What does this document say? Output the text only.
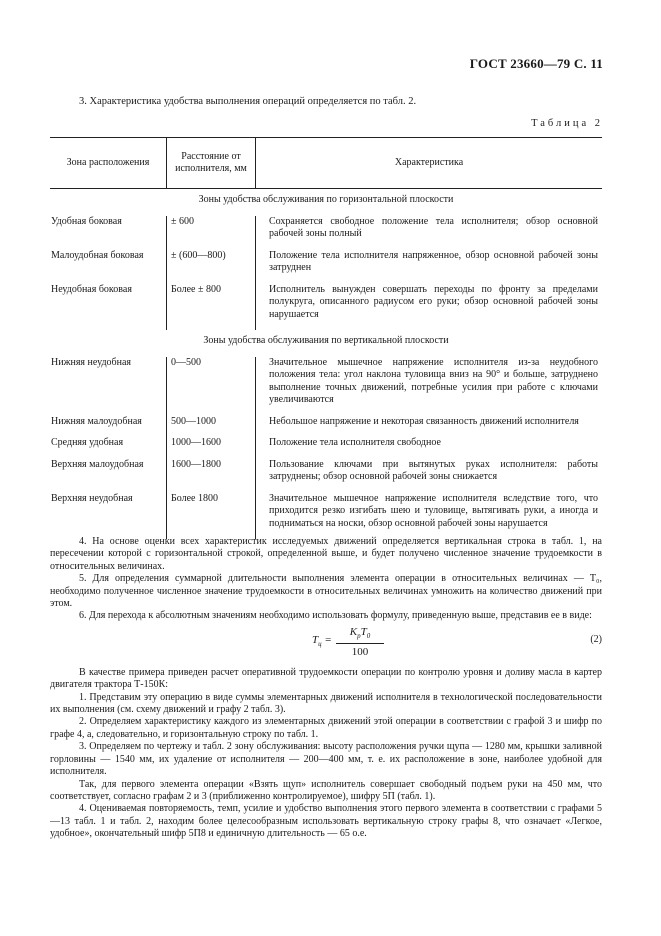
ГОСТ 23660—79 С. 11
3. Характеристика удобства выполнения операций определяется по табл. 2.
Таблица 2
Зона расположения	Расстояние от исполнителя, мм	Характеристика
Зоны удобства обслуживания по горизонтальной плоскости		
Удобная боковая	± 600	Сохраняется свободное положение тела исполнителя; обзор основной рабочей зоны полный
Малоудобная боковая	± (600—800)	Положение тела исполнителя напряженное, обзор основной рабочей зоны затруднен
Неудобная боковая	Более ± 800	Исполнитель вынужден совершать переходы по фронту за пределами полукруга, описанного радиусом его руки; обзор основной рабочей зоны нарушается
Зоны удобства обслуживания по вертикальной плоскости		
Нижняя неудобная	0—500	Значительное мышечное напряжение исполнителя из-за неудобного положения тела: угол наклона туловища вниз на 90° и больше, затруднено выполнение точных движений, потребные усилия при работе с ключами увеличиваются
Нижняя малоудобная	500—1000	Небольшое напряжение и некоторая связанность движений исполнителя
Средняя удобная	1000—1600	Положение тела исполнителя свободное
Верхняя малоудобная	1600—1800	Пользование ключами при вытянутых руках исполнителя: работы затруднены; обзор основной рабочей зоны снижается
Верхняя неудобная	Более 1800	Значительное мышечное напряжение исполнителя вследствие того, что приходится резко изгибать шею и туловище, вытягивать руки, а иногда и подниматься на носки, обзор основной рабочей зоны нарушается

4. На основе оценки всех характеристик исследуемых движений определяется вертикальная строка в табл. 1, на пересечении которой с горизонтальной строкой, определенной выше, и будет получено численное значение трудоемкости в относительных величинах.

5. Для определения суммарной длительности выполнения элемента операции в относительных величинах — Т₀, необходимо полученное численное значение трудоемкости в относительных величинах умножить на количество движений при этом.

6. Для перехода к абсолютным значениям необходимо использовать формулу, приведенную выше, представив ее в виде:

$Т_ц$ =
$К_рТ_0$
100
(2)

В качестве примера приведен расчет оперативной трудоемкости операции по контролю уровня и доливу масла в картер двигателя трактора Т-150К:

1. Представим эту операцию в виде суммы элементарных движений исполнителя в технологической последовательности их выполнения (см. схему движений и графу 2 табл. 3).

2. Определяем характеристику каждого из элементарных движений этой операции в соответствии с графой 3 и шифр по графе 4, а, следовательно, и горизонтальную строку по табл. 1.

3. Определяем по чертежу и табл. 2 зону обслуживания: высоту расположения ручки щупа — 1280 мм, крышки заливной горловины — 1540 мм, их удаление от исполнителя — 200—400 мм, т. е. их расположение в зоне, наиболее удобной для исполнителя.

Так, для первого элемента операции «Взять щуп» исполнитель совершает свободный подъем руки на 450 мм, что соответствует, согласно графам 2 и 3 (приближенно контролируемое), шифру 5П (табл. 1).

4. Оцениваемая повторяемость, темп, усилие и удобство выполнения этого первого элемента в соответствии с графами 5—13 табл. 1 и табл. 2, находим более целесообразным использовать вертикальную строку графы 8, что означает «Легкое, удобное», окончательный шифр 5П8 и единичную длительность — 65 о.е.
